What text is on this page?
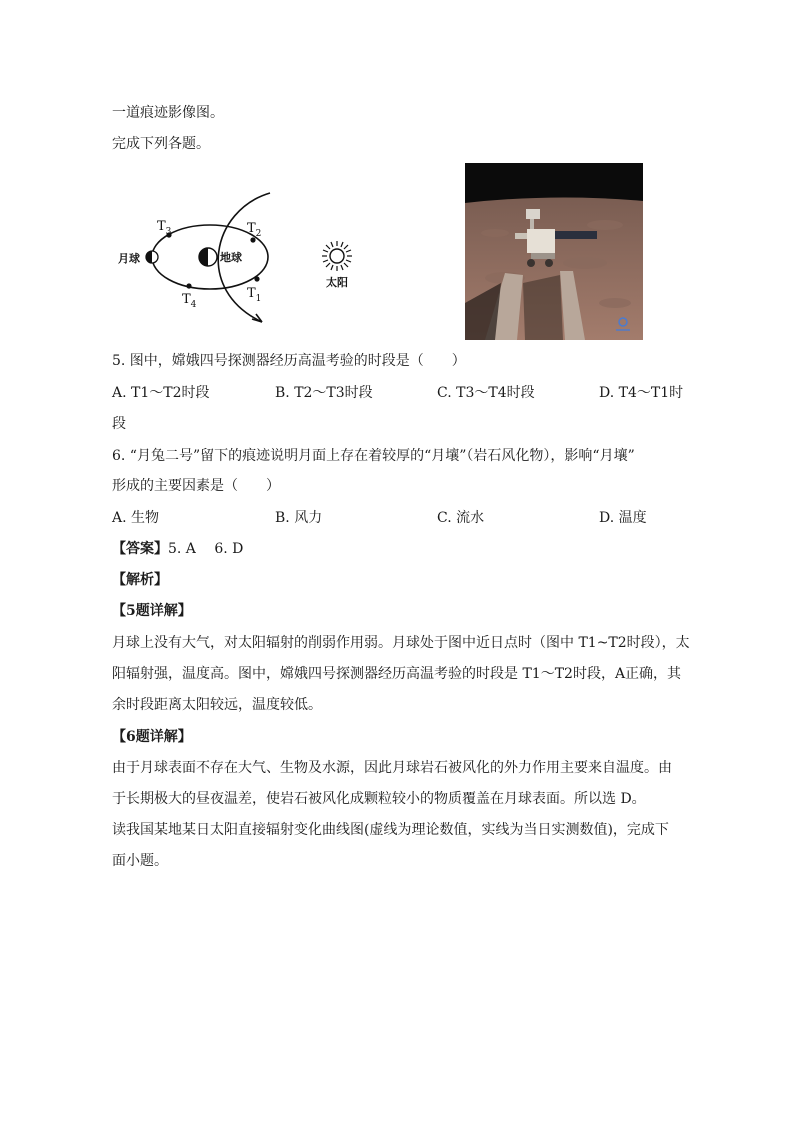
一道痕迹影像图。
完成下列各题。
月球	地球
$T_3$	$T_2$
$T_1$
$T_4$
太阳
5. 图中，嫦娥四号探测器经历高温考验的时段是（　　）
A. T1～T2时段	B. T2～T3时段	C. T3～T4时段	D. T4～T1时
段
6. “月兔二号”留下的痕迹说明月面上存在着较厚的“月壤”（岩石风化物），影响“月壤”
形成的主要因素是（　　）
A. 生物	B. 风力	C. 流水	D. 温度
【答案】5. A　 6. D
【解析】
【5题详解】
月球上没有大气，对太阳辐射的削弱作用弱。月球处于图中近日点时（图中 T1~T2时段），太
阳辐射强，温度高。图中，嫦娥四号探测器经历高温考验的时段是 T1～T2时段，A正确，其
余时段距离太阳较远，温度较低。
【6题详解】
由于月球表面不存在大气、生物及水源，因此月球岩石被风化的外力作用主要来自温度。由
于长期极大的昼夜温差，使岩石被风化成颗粒较小的物质覆盖在月球表面。所以选 D。
读我国某地某日太阳直接辐射变化曲线图(虚线为理论数值，实线为当日实测数值)，完成下
面小题。
